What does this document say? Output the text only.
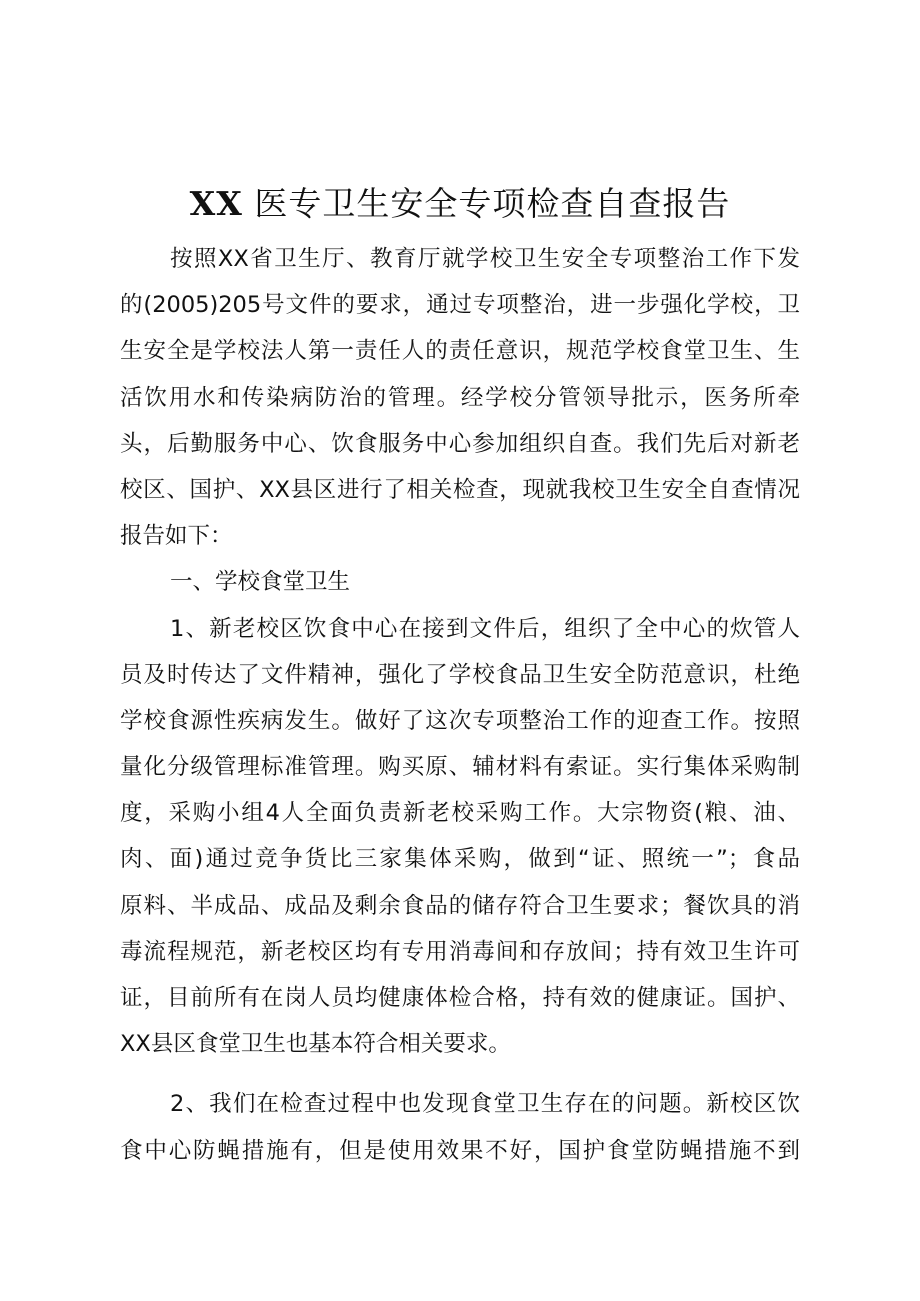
XX 医专卫生安全专项检查自查报告
按照XX省卫生厅、教育厅就学校卫生安全专项整治工作下发
的(2005)205号文件的要求，通过专项整治，进一步强化学校，卫
生安全是学校法人第一责任人的责任意识，规范学校食堂卫生、生
活饮用水和传染病防治的管理。经学校分管领导批示，医务所牵
头，后勤服务中心、饮食服务中心参加组织自查。我们先后对新老
校区、国护、XX县区进行了相关检查，现就我校卫生安全自查情况
报告如下：
一、学校食堂卫生
1、新老校区饮食中心在接到文件后，组织了全中心的炊管人
员及时传达了文件精神，强化了学校食品卫生安全防范意识，杜绝
学校食源性疾病发生。做好了这次专项整治工作的迎查工作。按照
量化分级管理标准管理。购买原、辅材料有索证。实行集体采购制
度，采购小组4人全面负责新老校采购工作。大宗物资(粮、油、
肉、面)通过竞争货比三家集体采购，做到“证、照统一”；食品
原料、半成品、成品及剩余食品的储存符合卫生要求；餐饮具的消
毒流程规范，新老校区均有专用消毒间和存放间；持有效卫生许可
证，目前所有在岗人员均健康体检合格，持有效的健康证。国护、
XX县区食堂卫生也基本符合相关要求。
2、我们在检查过程中也发现食堂卫生存在的问题。新校区饮
食中心防蝇措施有，但是使用效果不好，国护食堂防蝇措施不到
